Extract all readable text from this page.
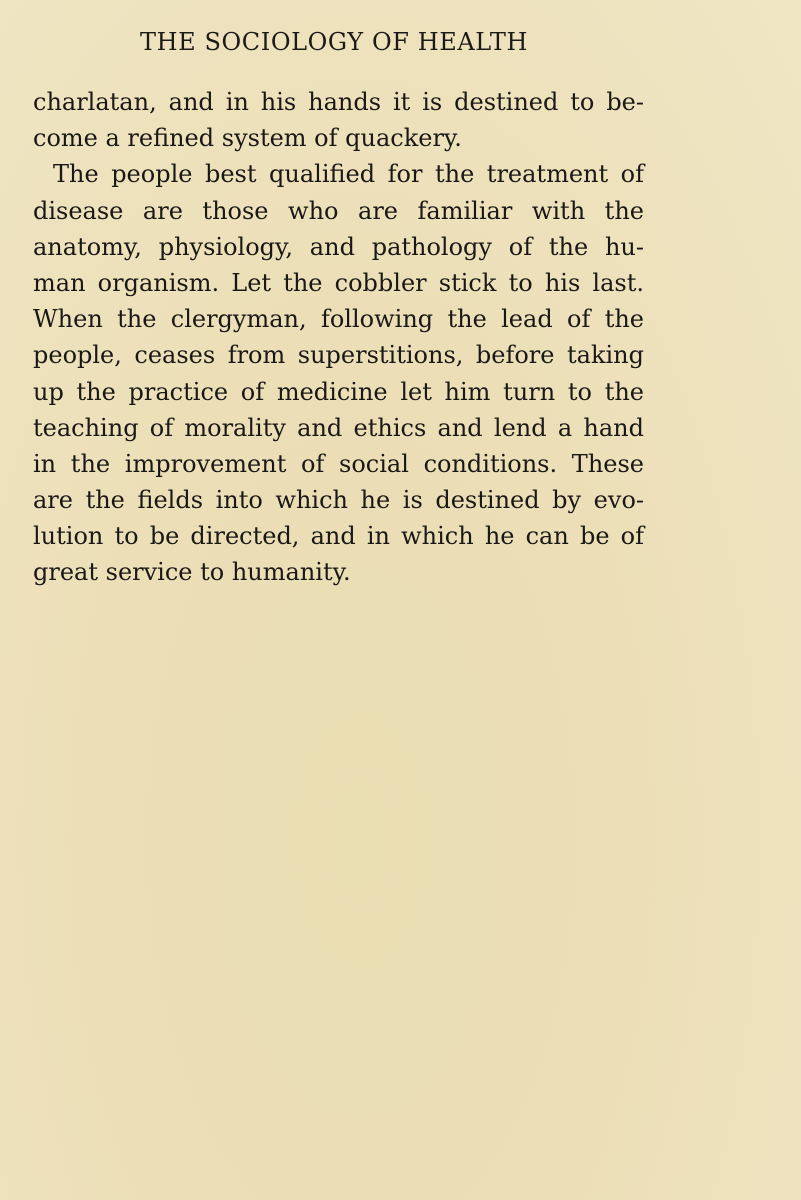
THE SOCIOLOGY OF HEALTH
charlatan, and in his hands it is destined to be-
come a refined system of quackery.
The people best qualified for the treatment of
disease are those who are familiar with the
anatomy, physiology, and pathology of the hu-
man organism. Let the cobbler stick to his last.
When the clergyman, following the lead of the
people, ceases from superstitions, before taking
up the practice of medicine let him turn to the
teaching of morality and ethics and lend a hand
in the improvement of social conditions. These
are the fields into which he is destined by evo-
lution to be directed, and in which he can be of
great service to humanity.
